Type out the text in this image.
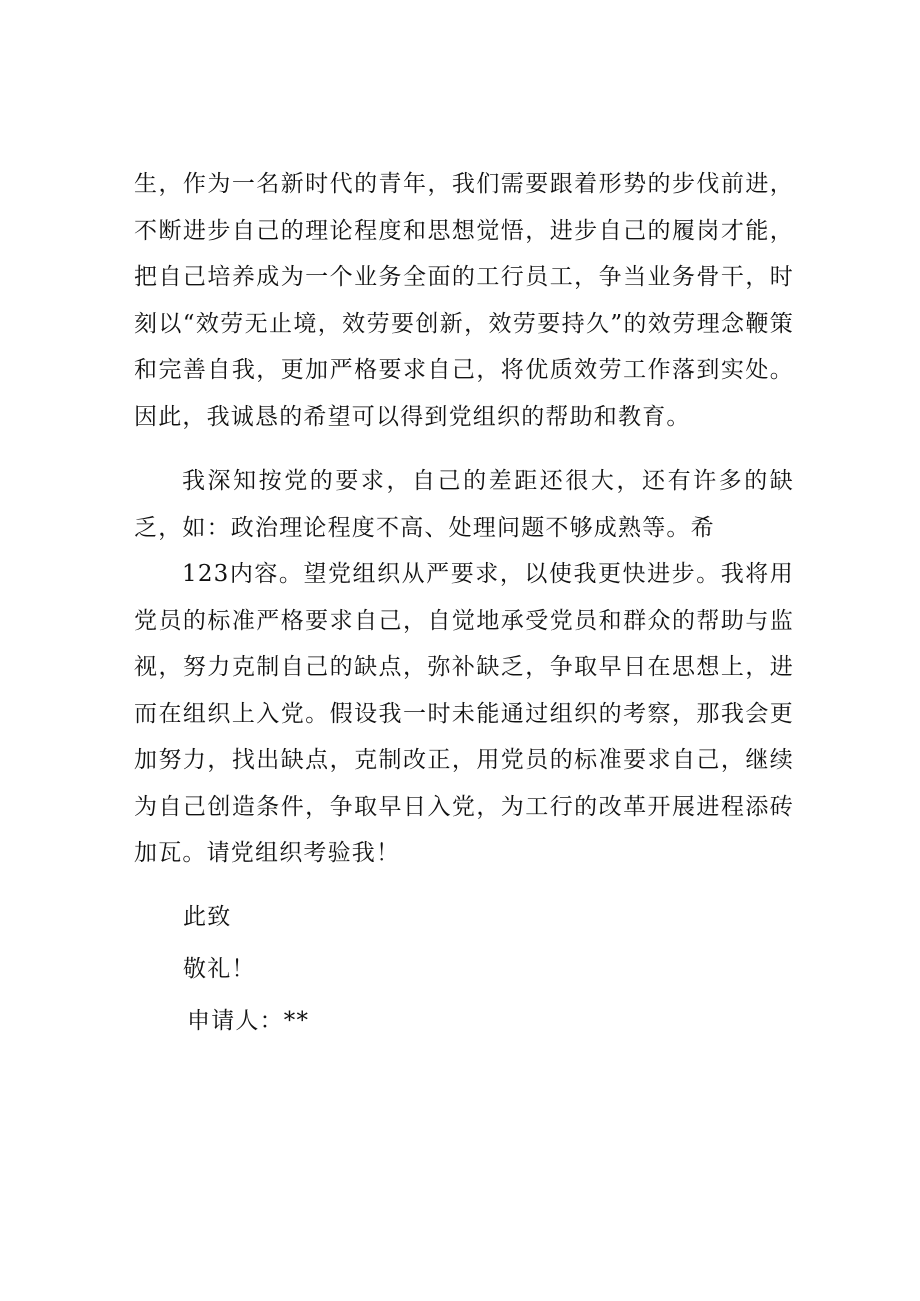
生，作为一名新时代的青年，我们需要跟着形势的步伐前进，不断进步自己的理论程度和思想觉悟，进步自己的履岗才能，把自己培养成为一个业务全面的工行员工，争当业务骨干，时刻以“效劳无止境，效劳要创新，效劳要持久”的效劳理念鞭策和完善自我，更加严格要求自己，将优质效劳工作落到实处。因此，我诚恳的希望可以得到党组织的帮助和教育。

我深知按党的要求，自己的差距还很大，还有许多的缺乏，如：政治理论程度不高、处理问题不够成熟等。希

123内容。望党组织从严要求，以使我更快进步。我将用党员的标准严格要求自己，自觉地承受党员和群众的帮助与监视，努力克制自己的缺点，弥补缺乏，争取早日在思想上，进而在组织上入党。假设我一时未能通过组织的考察，那我会更加努力，找出缺点，克制改正，用党员的标准要求自己，继续为自己创造条件，争取早日入党，为工行的改革开展进程添砖加瓦。请党组织考验我！

此致

敬礼！

申请人：**
